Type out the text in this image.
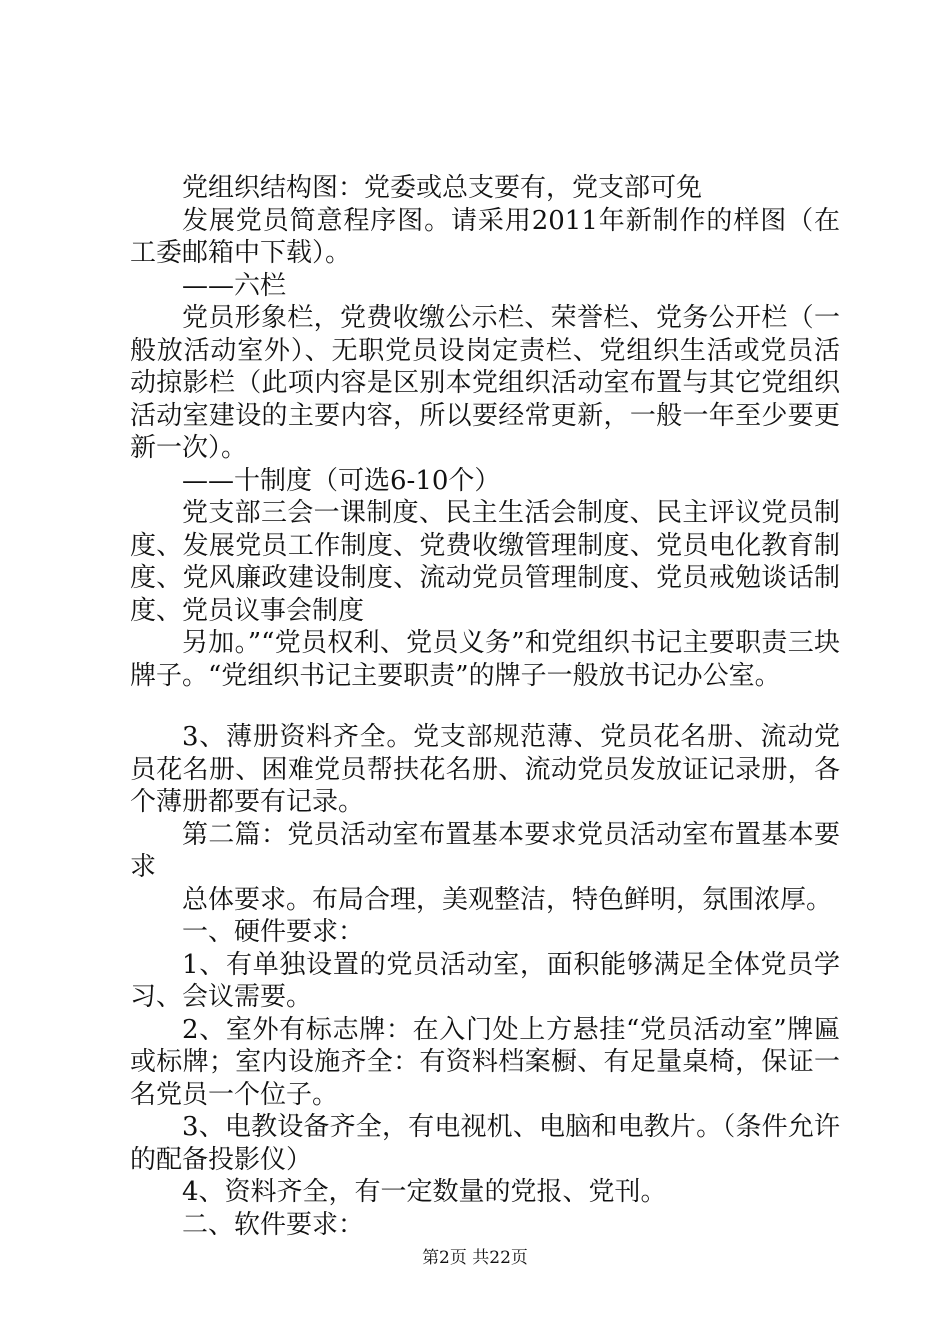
党组织结构图：党委或总支要有，党支部可免

发展党员简意程序图。请采用2011年新制作的样图（在工委邮箱中下载）。

——六栏

党员形象栏，党费收缴公示栏、荣誉栏、党务公开栏（一般放活动室外）、无职党员设岗定责栏、党组织生活或党员活动掠影栏（此项内容是区别本党组织活动室布置与其它党组织活动室建设的主要内容，所以要经常更新，一般一年至少要更新一次）。

——十制度（可选6-10个）

党支部三会一课制度、民主生活会制度、民主评议党员制度、发展党员工作制度、党费收缴管理制度、党员电化教育制度、党风廉政建设制度、流动党员管理制度、党员戒勉谈话制度、党员议事会制度

另加。”“党员权利、党员义务”和党组织书记主要职责三块牌子。“党组织书记主要职责”的牌子一般放书记办公室。

3、薄册资料齐全。党支部规范薄、党员花名册、流动党员花名册、困难党员帮扶花名册、流动党员发放证记录册，各个薄册都要有记录。

第二篇：党员活动室布置基本要求党员活动室布置基本要求

总体要求。布局合理，美观整洁，特色鲜明，氛围浓厚。

一、硬件要求：

1、有单独设置的党员活动室，面积能够满足全体党员学习、会议需要。

2、室外有标志牌：在入门处上方悬挂“党员活动室”牌匾或标牌；室内设施齐全：有资料档案橱、有足量桌椅，保证一名党员一个位子。

3、电教设备齐全，有电视机、电脑和电教片。（条件允许的配备投影仪）

4、资料齐全，有一定数量的党报、党刊。

二、软件要求：

第2页 共22页
